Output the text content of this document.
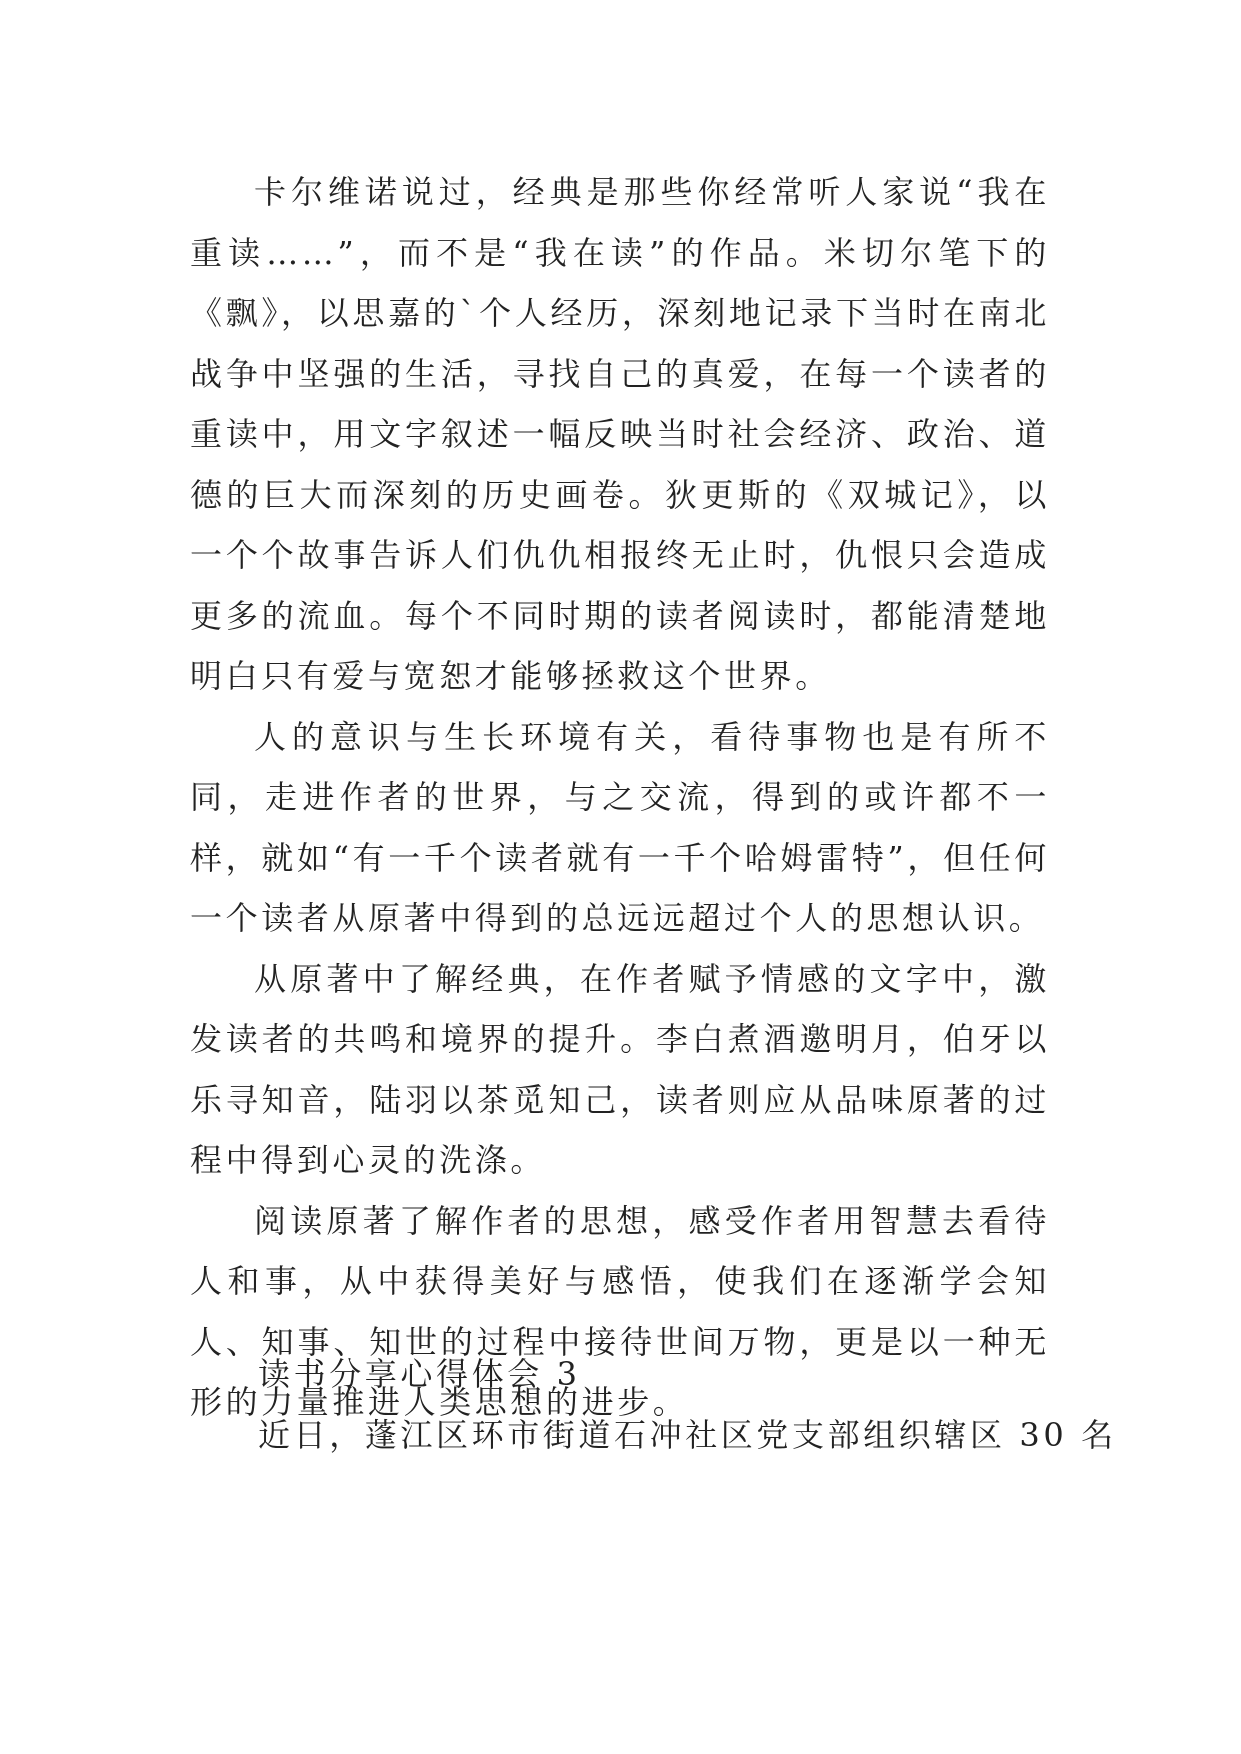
卡尔维诺说过，经典是那些你经常听人家说“我在重读……”，而不是“我在读”的作品。米切尔笔下的《飘》，以思嘉的`个人经历，深刻地记录下当时在南北战争中坚强的生活，寻找自己的真爱，在每一个读者的重读中，用文字叙述一幅反映当时社会经济、政治、道德的巨大而深刻的历史画卷。狄更斯的《双城记》，以一个个故事告诉人们仇仇相报终无止时，仇恨只会造成更多的流血。每个不同时期的读者阅读时，都能清楚地明白只有爱与宽恕才能够拯救这个世界。

人的意识与生长环境有关，看待事物也是有所不同，走进作者的世界，与之交流，得到的或许都不一样，就如“有一千个读者就有一千个哈姆雷特”，但任何一个读者从原著中得到的总远远超过个人的思想认识。

从原著中了解经典，在作者赋予情感的文字中，激发读者的共鸣和境界的提升。李白煮酒邀明月，伯牙以乐寻知音，陆羽以茶觅知己，读者则应从品味原著的过程中得到心灵的洗涤。

阅读原著了解作者的思想，感受作者用智慧去看待人和事，从中获得美好与感悟，使我们在逐渐学会知人、知事、知世的过程中接待世间万物，更是以一种无形的力量推进人类思想的进步。

读书分享心得体会 3

近日，蓬江区环市街道石冲社区党支部组织辖区 30 名
